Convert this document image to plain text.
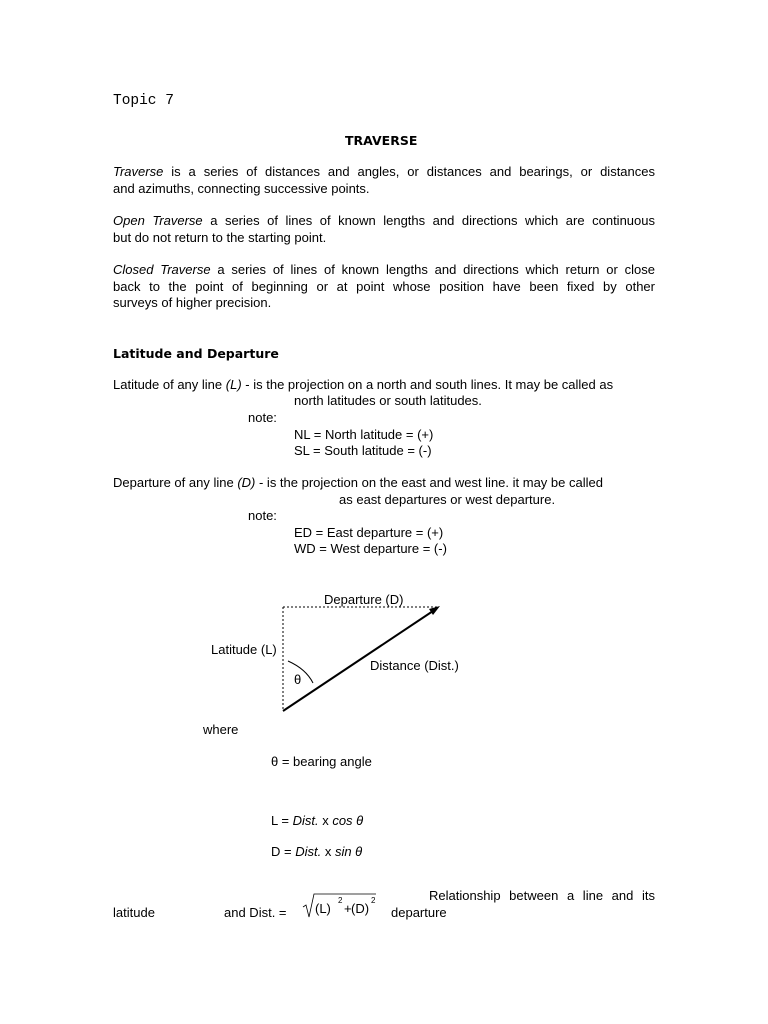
Topic 7
TRAVERSE
Traverse is a series of distances and angles, or distances and bearings, or distances
and azimuths, connecting successive points.
Open Traverse a series of lines of known lengths and directions which are continuous
but do not return to the starting point.
Closed Traverse a series of lines of known lengths and directions which return or close
back to the point of beginning or at point whose position have been fixed by other
surveys of higher precision.
Latitude and Departure
Latitude of any line (L) - is the projection on a north and south lines. It may be called as
north latitudes or south latitudes.
note:
NL = North latitude = (+)
SL = South latitude = (-)
Departure of any line (D) - is the projection on the east and west line. it may be called
as east departures or west departure.
note:
ED = East departure = (+)
WD = West departure = (-)
Departure (D)
Latitude (L)
Distance (Dist.)
θ
where
θ = bearing angle
L = Dist. x cos θ
D = Dist. x sin θ
Relationship between a line and its
latitude	and Dist. = (L)
2
+ (D)
2
departure
